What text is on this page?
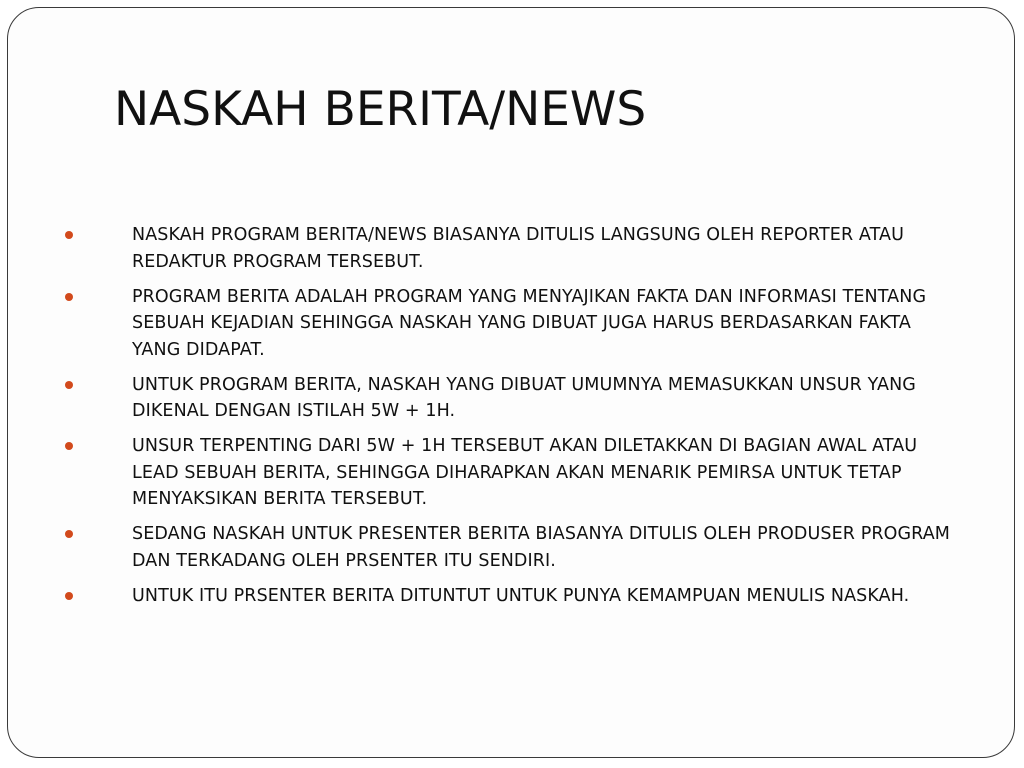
NASKAH BERITA/NEWS
NASKAH PROGRAM BERITA/NEWS BIASANYA DITULIS LANGSUNG OLEH REPORTER ATAU REDAKTUR PROGRAM TERSEBUT.
PROGRAM BERITA ADALAH PROGRAM YANG MENYAJIKAN FAKTA DAN INFORMASI TENTANG SEBUAH KEJADIAN SEHINGGA NASKAH YANG DIBUAT JUGA HARUS BERDASARKAN FAKTA YANG DIDAPAT.
UNTUK PROGRAM BERITA, NASKAH YANG DIBUAT UMUMNYA MEMASUKKAN UNSUR YANG DIKENAL DENGAN ISTILAH 5W + 1H.
UNSUR TERPENTING DARI 5W + 1H TERSEBUT AKAN DILETAKKAN DI BAGIAN AWAL ATAU LEAD SEBUAH BERITA, SEHINGGA DIHARAPKAN AKAN MENARIK PEMIRSA UNTUK TETAP MENYAKSIKAN BERITA TERSEBUT.
SEDANG NASKAH UNTUK PRESENTER BERITA BIASANYA DITULIS OLEH PRODUSER PROGRAM DAN TERKADANG OLEH PRSENTER ITU SENDIRI.
UNTUK ITU PRSENTER BERITA DITUNTUT UNTUK PUNYA KEMAMPUAN MENULIS NASKAH.
